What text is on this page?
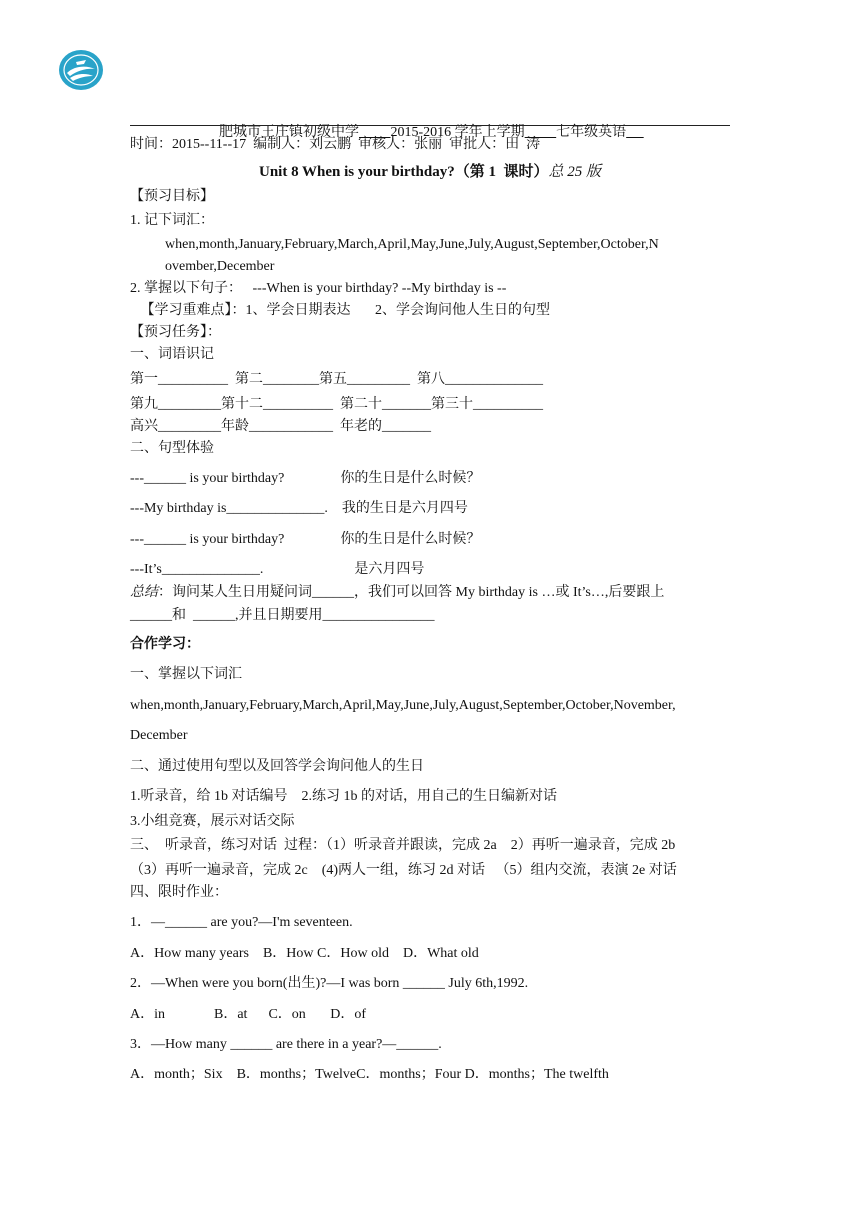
肥城市王庄镇初级中学 2015-2016 学年上学期 七年级英语

时间：2015--11--17  编制人：刘云鹏  审核人：张丽  审批人：田  涛
Unit 8 When is your birthday?（第 1  课时）总 25 版
【预习目标】
1. 记下词汇：
when,month,January,February,March,April,May,June,July,August,September,October,N
ovember,December
2. 掌握以下句子：   ---When is your birthday? --My birthday is --
【学习重难点】：1、学会日期表达       2、学会询问他人生日的句型
【预习任务】：
一、词语识记
第一__________  第二________第五_________  第八______________
第九_________第十二__________  第二十_______第三十__________
高兴_________年龄____________  年老的_______
二、句型体验
---______ is your birthday?                你的生日是什么时候？
---My birthday is______________.    我的生日是六月四号
---______ is your birthday?                你的生日是什么时候？
---It’s______________.                          是六月四号
总结：询问某人生日用疑问词______，我们可以回答 My birthday is …或 It’s…,后要跟上
______和  ______,并且日期要用________________
合作学习：
一、掌握以下词汇
when,month,January,February,March,April,May,June,July,August,September,October,November,
December
二、通过使用句型以及回答学会询问他人的生日
1.听录音，给 1b 对话编号    2.练习 1b 的对话，用自己的生日编新对话
3.小组竞赛，展示对话交际
三、  听录音，练习对话  过程：（1）听录音并跟读，完成 2a    2）再听一遍录音，完成 2b
（3）再听一遍录音，完成 2c    (4)两人一组，练习 2d 对话   （5）组内交流，表演 2e 对话
四、限时作业：
1．—______ are you?—I'm seventeen.
A．How many years    B．How C．How old    D．What old
2．—When were you born(出生)?—I was born ______ July 6th,1992.
A．in              B．at      C．on       D．of
3．—How many ______ are there in a year?—______.
A．month；Six    B．months；TwelveC．months；Four D．months；The twelfth
